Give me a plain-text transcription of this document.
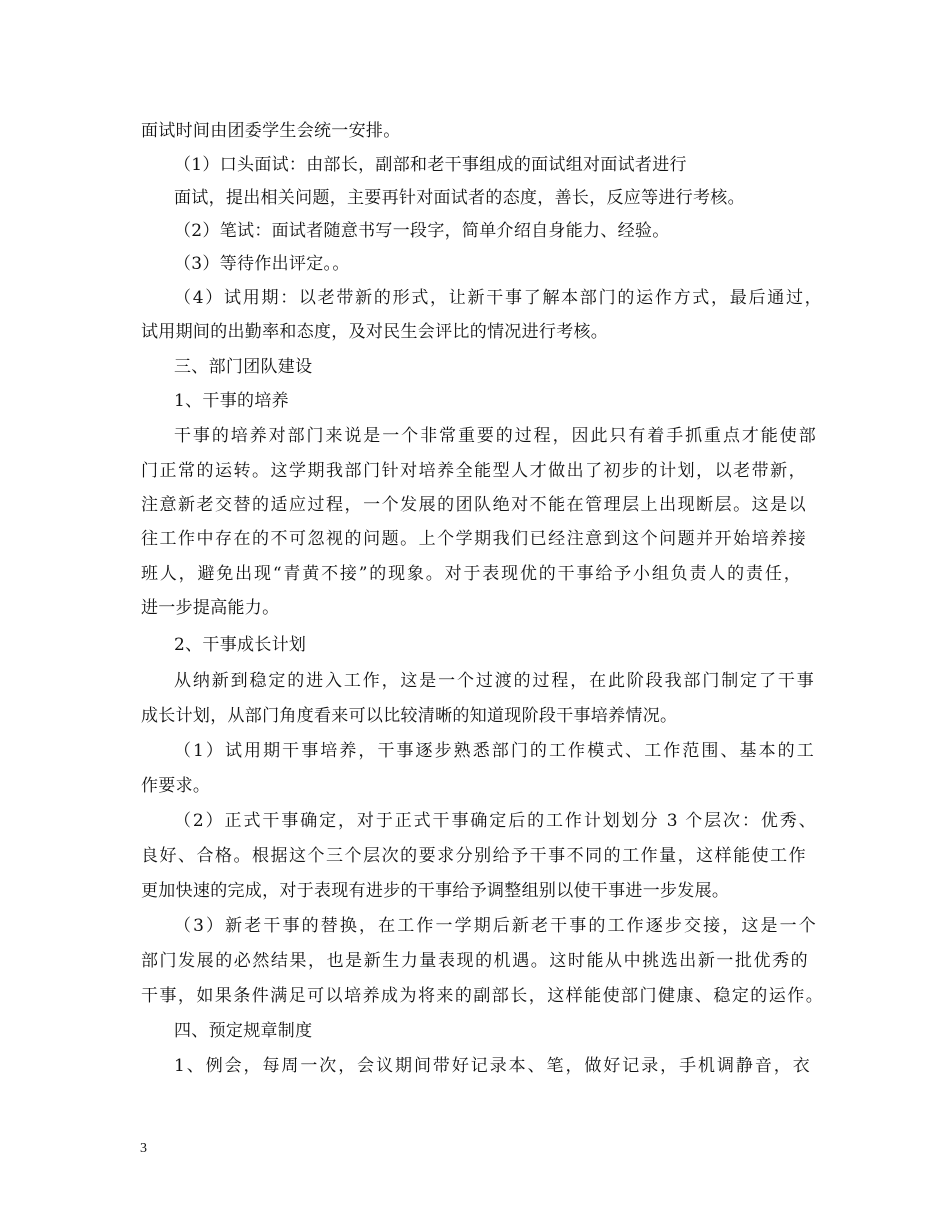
面试时间由团委学生会统一安排。
（1）口头面试：由部长，副部和老干事组成的面试组对面试者进行
面试，提出相关问题，主要再针对面试者的态度，善长，反应等进行考核。
（2）笔试：面试者随意书写一段字，简单介绍自身能力、经验。
（3）等待作出评定。。
（4）试用期：以老带新的形式，让新干事了解本部门的运作方式，最后通过，
试用期间的出勤率和态度，及对民生会评比的情况进行考核。
三、部门团队建设
1、干事的培养
干事的培养对部门来说是一个非常重要的过程，因此只有着手抓重点才能使部
门正常的运转。这学期我部门针对培养全能型人才做出了初步的计划，以老带新，
注意新老交替的适应过程，一个发展的团队绝对不能在管理层上出现断层。这是以
往工作中存在的不可忽视的问题。上个学期我们已经注意到这个问题并开始培养接
班人，避免出现“青黄不接”的现象。对于表现优的干事给予小组负责人的责任，
进一步提高能力。
2、干事成长计划
从纳新到稳定的进入工作，这是一个过渡的过程，在此阶段我部门制定了干事
成长计划，从部门角度看来可以比较清晰的知道现阶段干事培养情况。
（1）试用期干事培养，干事逐步熟悉部门的工作模式、工作范围、基本的工
作要求。
（2）正式干事确定，对于正式干事确定后的工作计划划分 3 个层次：优秀、
良好、合格。根据这个三个层次的要求分别给予干事不同的工作量，这样能使工作
更加快速的完成，对于表现有进步的干事给予调整组别以使干事进一步发展。
（3）新老干事的替换，在工作一学期后新老干事的工作逐步交接，这是一个
部门发展的必然结果，也是新生力量表现的机遇。这时能从中挑选出新一批优秀的
干事，如果条件满足可以培养成为将来的副部长，这样能使部门健康、稳定的运作。
四、预定规章制度
1、例会，每周一次，会议期间带好记录本、笔，做好记录，手机调静音，衣
3
